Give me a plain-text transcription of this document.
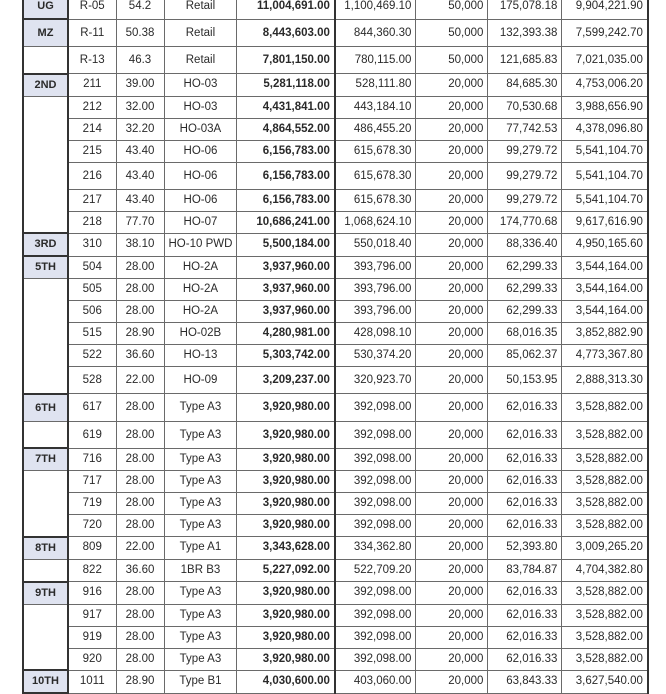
UG	R-05	54.2	Retail	11,004,691.00	1,100,469.10	50,000	175,078.18	9,904,221.90
MZ	R-11	50.38	Retail	8,443,603.00	844,360.30	50,000	132,393.38	7,599,242.70
	R-13	46.3	Retail	7,801,150.00	780,115.00	50,000	121,685.83	7,021,035.00
2ND	211	39.00	HO-03	5,281,118.00	528,111.80	20,000	84,685.30	4,753,006.20
	212	32.00	HO-03	4,431,841.00	443,184.10	20,000	70,530.68	3,988,656.90
	214	32.20	HO-03A	4,864,552.00	486,455.20	20,000	77,742.53	4,378,096.80
	215	43.40	HO-06	6,156,783.00	615,678.30	20,000	99,279.72	5,541,104.70
	216	43.40	HO-06	6,156,783.00	615,678.30	20,000	99,279.72	5,541,104.70
	217	43.40	HO-06	6,156,783.00	615,678.30	20,000	99,279.72	5,541,104.70
	218	77.70	HO-07	10,686,241.00	1,068,624.10	20,000	174,770.68	9,617,616.90
3RD	310	38.10	HO-10 PWD	5,500,184.00	550,018.40	20,000	88,336.40	4,950,165.60
5TH	504	28.00	HO-2A	3,937,960.00	393,796.00	20,000	62,299.33	3,544,164.00
	505	28.00	HO-2A	3,937,960.00	393,796.00	20,000	62,299.33	3,544,164.00
	506	28.00	HO-2A	3,937,960.00	393,796.00	20,000	62,299.33	3,544,164.00
	515	28.90	HO-02B	4,280,981.00	428,098.10	20,000	68,016.35	3,852,882.90
	522	36.60	HO-13	5,303,742.00	530,374.20	20,000	85,062.37	4,773,367.80
	528	22.00	HO-09	3,209,237.00	320,923.70	20,000	50,153.95	2,888,313.30
6TH	617	28.00	Type A3	3,920,980.00	392,098.00	20,000	62,016.33	3,528,882.00
	619	28.00	Type A3	3,920,980.00	392,098.00	20,000	62,016.33	3,528,882.00
7TH	716	28.00	Type A3	3,920,980.00	392,098.00	20,000	62,016.33	3,528,882.00
	717	28.00	Type A3	3,920,980.00	392,098.00	20,000	62,016.33	3,528,882.00
	719	28.00	Type A3	3,920,980.00	392,098.00	20,000	62,016.33	3,528,882.00
	720	28.00	Type A3	3,920,980.00	392,098.00	20,000	62,016.33	3,528,882.00
8TH	809	22.00	Type A1	3,343,628.00	334,362.80	20,000	52,393.80	3,009,265.20
	822	36.60	1BR B3	5,227,092.00	522,709.20	20,000	83,784.87	4,704,382.80
9TH	916	28.00	Type A3	3,920,980.00	392,098.00	20,000	62,016.33	3,528,882.00
	917	28.00	Type A3	3,920,980.00	392,098.00	20,000	62,016.33	3,528,882.00
	919	28.00	Type A3	3,920,980.00	392,098.00	20,000	62,016.33	3,528,882.00
	920	28.00	Type A3	3,920,980.00	392,098.00	20,000	62,016.33	3,528,882.00
10TH	1011	28.90	Type B1	4,030,600.00	403,060.00	20,000	63,843.33	3,627,540.00
